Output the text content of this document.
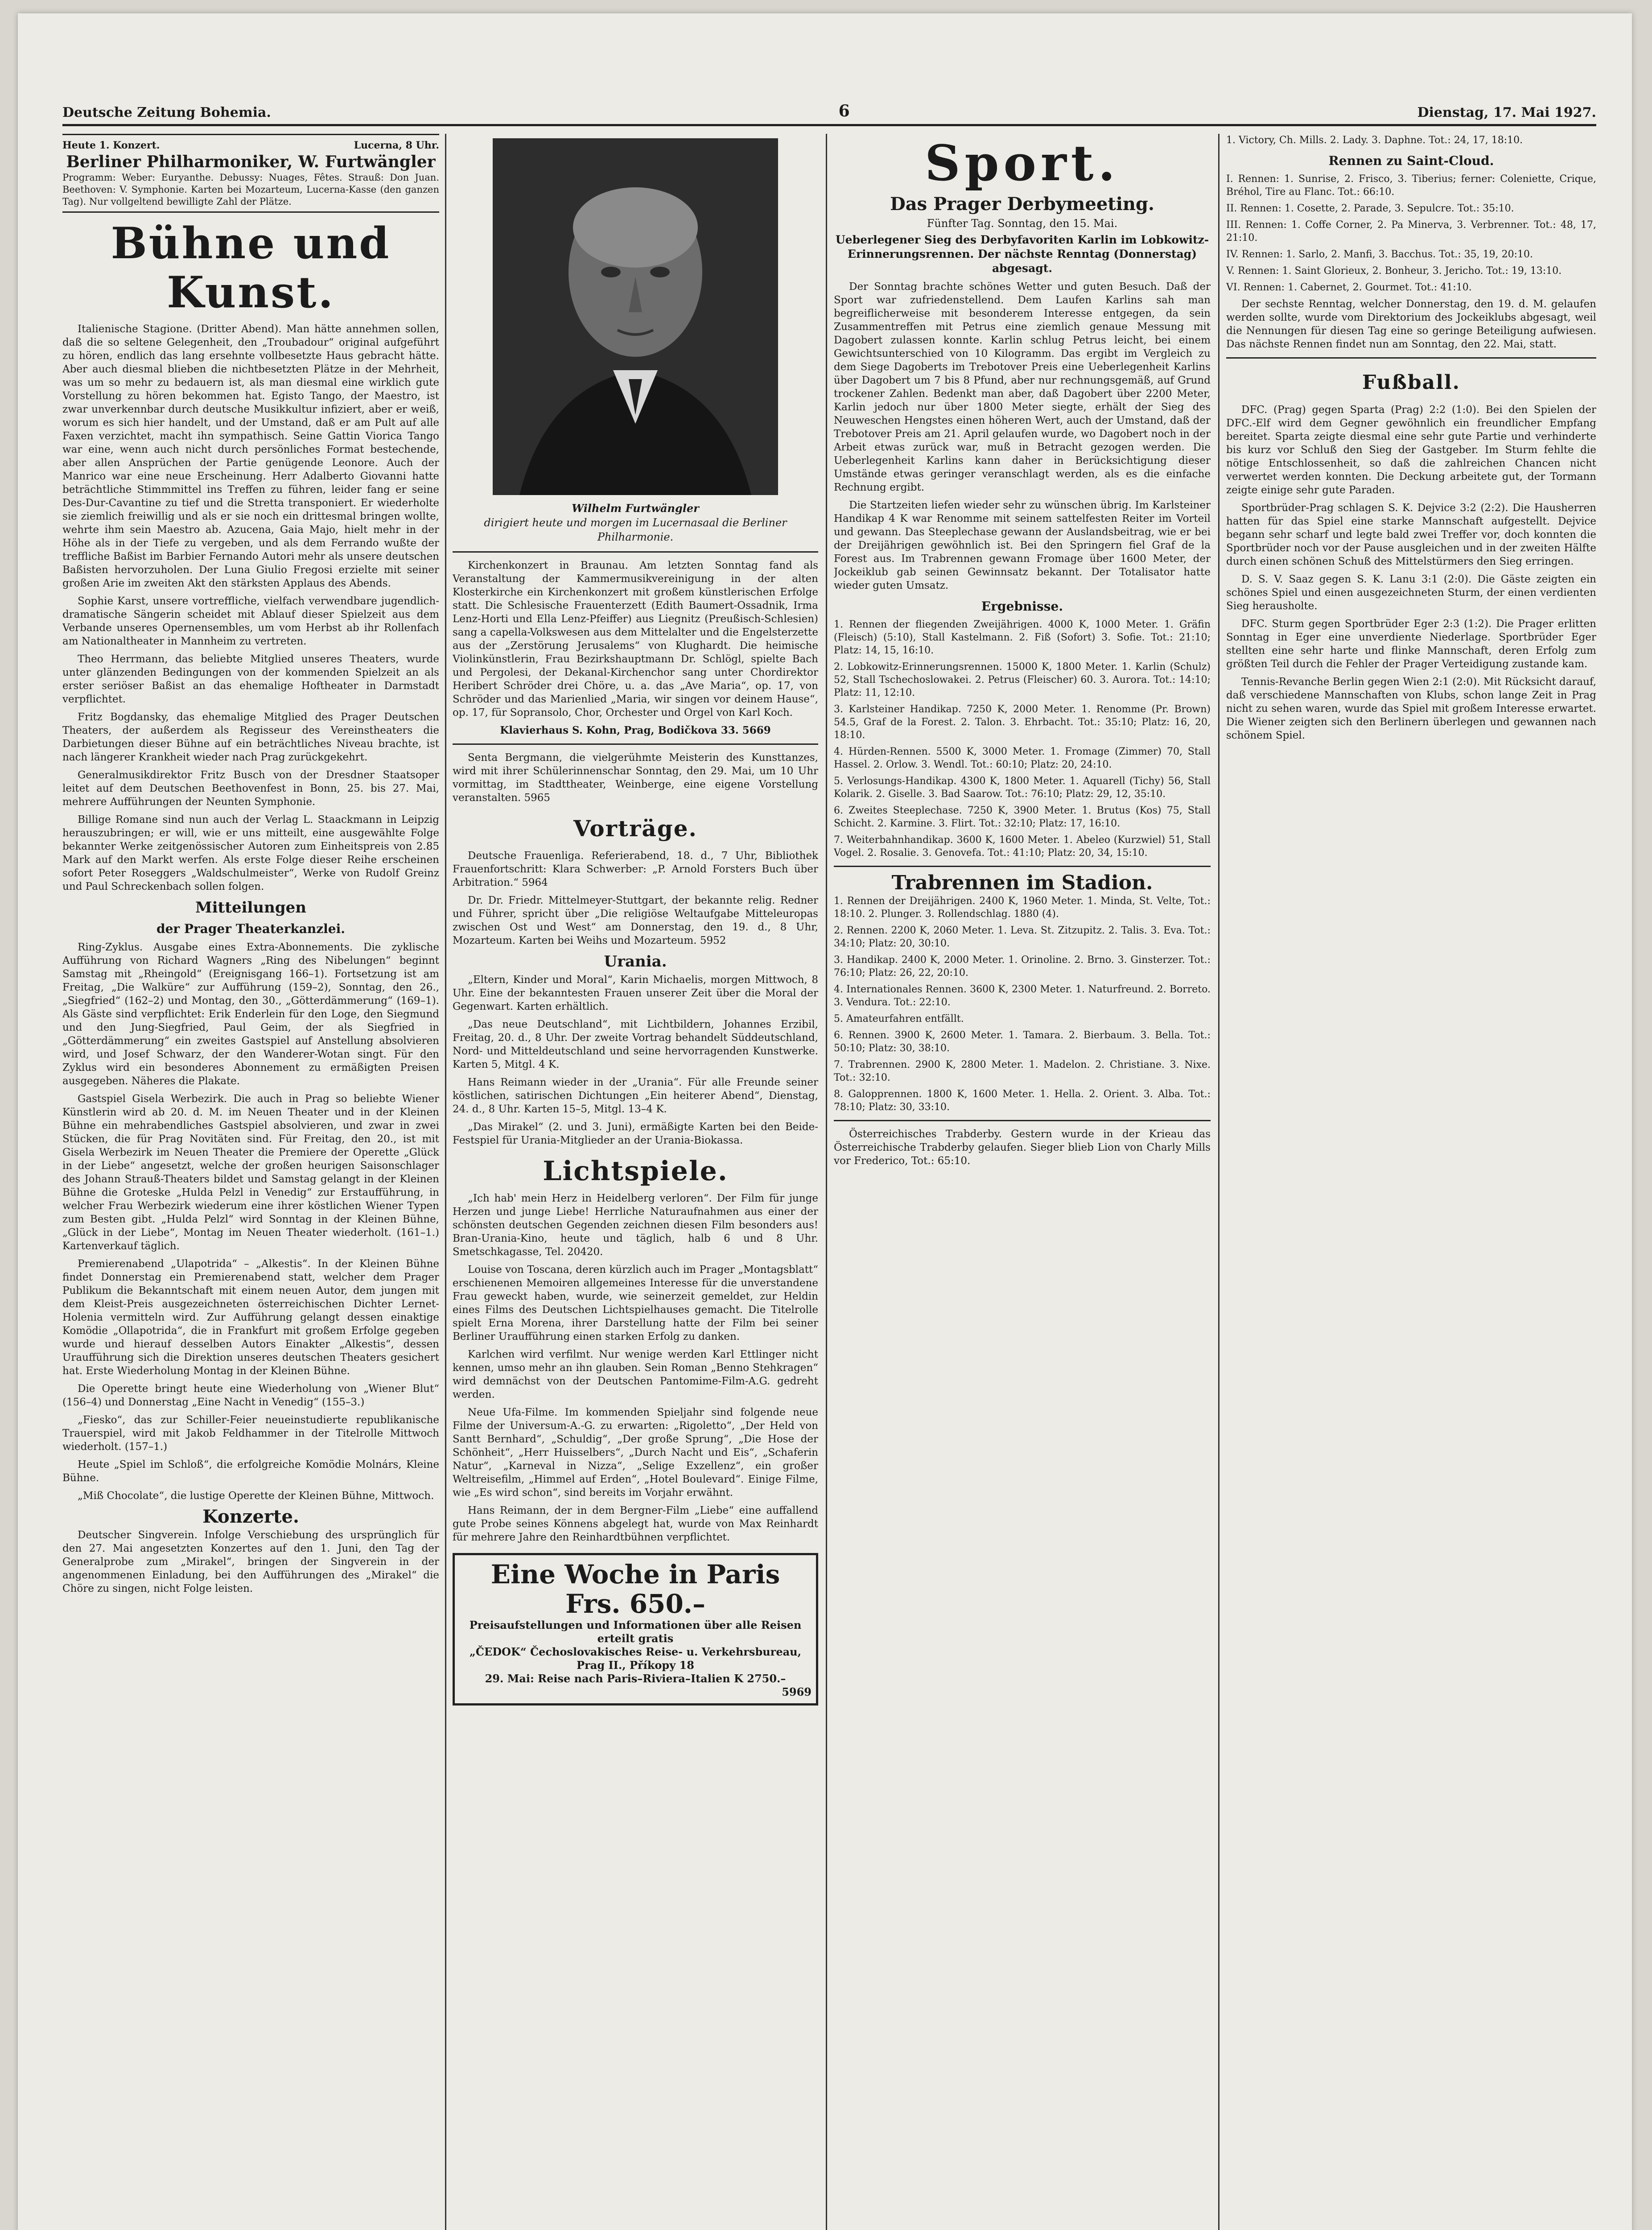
Deutsche Zeitung Bohemia.	6	Dienstag, 17. Mai 1927.
Heute 1. Konzert.	Lucerna, 8 Uhr.
Berliner Philharmoniker, W. Furtwängler
Programm: Weber: Euryanthe. Debussy: Nuages, Fêtes. Strauß: Don Juan. Beethoven: V. Symphonie. Karten bei Mozarteum, Lucerna-Kasse (den ganzen Tag). Nur vollgeltend bewilligte Zahl der Plätze.
Bühne und Kunst.

Italienische Stagione. (Dritter Abend). Man hätte annehmen sollen, daß die so seltene Gelegenheit, den „Troubadour“ original aufgeführt zu hören, endlich das lang ersehnte vollbesetzte Haus gebracht hätte. Aber auch diesmal blieben die nichtbesetzten Plätze in der Mehrheit, was um so mehr zu bedauern ist, als man diesmal eine wirklich gute Vorstellung zu hören bekommen hat. Egisto Tango, der Maestro, ist zwar unverkennbar durch deutsche Musikkultur infiziert, aber er weiß, worum es sich hier handelt, und der Umstand, daß er am Pult auf alle Faxen verzichtet, macht ihn sympathisch. Seine Gattin Viorica Tango war eine, wenn auch nicht durch persönliches Format bestechende, aber allen Ansprüchen der Partie genügende Leonore. Auch der Manrico war eine neue Erscheinung. Herr Adalberto Giovanni hatte beträchtliche Stimmmittel ins Treffen zu führen, leider fang er seine Des-Dur-Cavantine zu tief und die Stretta transponiert. Er wiederholte sie ziemlich freiwillig und als er sie noch ein drittesmal bringen wollte, wehrte ihm sein Maestro ab. Azucena, Gaia Majo, hielt mehr in der Höhe als in der Tiefe zu vergeben, und als dem Ferrando wußte der treffliche Baßist im Barbier Fernando Autori mehr als unsere deutschen Baßisten hervorzuholen. Der Luna Giulio Fregosi erzielte mit seiner großen Arie im zweiten Akt den stärksten Applaus des Abends.

Sophie Karst, unsere vortreffliche, vielfach verwendbare jugendlich-dramatische Sängerin scheidet mit Ablauf dieser Spielzeit aus dem Verbande unseres Opernensembles, um vom Herbst ab ihr Rollenfach am Nationaltheater in Mannheim zu vertreten.

Theo Herrmann, das beliebte Mitglied unseres Theaters, wurde unter glänzenden Bedingungen von der kommenden Spielzeit an als erster seriöser Baßist an das ehemalige Hoftheater in Darmstadt verpflichtet.

Fritz Bogdansky, das ehemalige Mitglied des Prager Deutschen Theaters, der außerdem als Regisseur des Vereinstheaters die Darbietungen dieser Bühne auf ein beträchtliches Niveau brachte, ist nach längerer Krankheit wieder nach Prag zurückgekehrt.

Generalmusikdirektor Fritz Busch von der Dresdner Staatsoper leitet auf dem Deutschen Beethovenfest in Bonn, 25. bis 27. Mai, mehrere Aufführungen der Neunten Symphonie.

Billige Romane sind nun auch der Verlag L. Staackmann in Leipzig herauszubringen; er will, wie er uns mitteilt, eine ausgewählte Folge bekannter Werke zeitgenössischer Autoren zum Einheitspreis von 2.85 Mark auf den Markt werfen. Als erste Folge dieser Reihe erscheinen sofort Peter Roseggers „Waldschulmeister“, Werke von Rudolf Greinz und Paul Schreckenbach sollen folgen.

Mitteilungen
der Prager Theaterkanzlei.

Ring-Zyklus. Ausgabe eines Extra-Abonnements. Die zyklische Aufführung von Richard Wagners „Ring des Nibelungen“ beginnt Samstag mit „Rheingold“ (Ereignisgang 166–1). Fortsetzung ist am Freitag, „Die Walküre“ zur Aufführung (159–2), Sonntag, den 26., „Siegfried“ (162–2) und Montag, den 30., „Götterdämmerung“ (169–1). Als Gäste sind verpflichtet: Erik Enderlein für den Loge, den Siegmund und den Jung-Siegfried, Paul Geim, der als Siegfried in „Götterdämmerung“ ein zweites Gastspiel auf Anstellung absolvieren wird, und Josef Schwarz, der den Wanderer-Wotan singt. Für den Zyklus wird ein besonderes Abonnement zu ermäßigten Preisen ausgegeben. Näheres die Plakate.

Gastspiel Gisela Werbezirk. Die auch in Prag so beliebte Wiener Künstlerin wird ab 20. d. M. im Neuen Theater und in der Kleinen Bühne ein mehrabendliches Gastspiel absolvieren, und zwar in zwei Stücken, die für Prag Novitäten sind. Für Freitag, den 20., ist mit Gisela Werbezirk im Neuen Theater die Premiere der Operette „Glück in der Liebe“ angesetzt, welche der großen heurigen Saisonschlager des Johann Strauß-Theaters bildet und Samstag gelangt in der Kleinen Bühne die Groteske „Hulda Pelzl in Venedig“ zur Erstaufführung, in welcher Frau Werbezirk wiederum eine ihrer köstlichen Wiener Typen zum Besten gibt. „Hulda Pelzl“ wird Sonntag in der Kleinen Bühne, „Glück in der Liebe“, Montag im Neuen Theater wiederholt. (161–1.) Kartenverkauf täglich.

Premierenabend „Ulapotrida“ – „Alkestis“. In der Kleinen Bühne findet Donnerstag ein Premierenabend statt, welcher dem Prager Publikum die Bekanntschaft mit einem neuen Autor, dem jungen mit dem Kleist-Preis ausgezeichneten österreichischen Dichter Lernet-Holenia vermitteln wird. Zur Aufführung gelangt dessen einaktige Komödie „Ollapotrida“, die in Frankfurt mit großem Erfolge gegeben wurde und hierauf desselben Autors Einakter „Alkestis“, dessen Uraufführung sich die Direktion unseres deutschen Theaters gesichert hat. Erste Wiederholung Montag in der Kleinen Bühne.

Die Operette bringt heute eine Wiederholung von „Wiener Blut“ (156–4) und Donnerstag „Eine Nacht in Venedig“ (155–3.)

„Fiesko“, das zur Schiller-Feier neueinstudierte republikanische Trauerspiel, wird mit Jakob Feldhammer in der Titelrolle Mittwoch wiederholt. (157–1.)

Heute „Spiel im Schloß“, die erfolgreiche Komödie Molnárs, Kleine Bühne.

„Miß Chocolate“, die lustige Operette der Kleinen Bühne, Mittwoch.

Konzerte.

Deutscher Singverein. Infolge Verschiebung des ursprünglich für den 27. Mai angesetzten Konzertes auf den 1. Juni, den Tag der Generalprobe zum „Mirakel“, bringen der Singverein in der angenommenen Einladung, bei den Aufführungen des „Mirakel“ die Chöre zu singen, nicht Folge leisten.

Wilhelm Furtwängler
dirigiert heute und morgen im Lucernasaal die Berliner Philharmonie.

Kirchenkonzert in Braunau. Am letzten Sonntag fand als Veranstaltung der Kammermusikvereinigung in der alten Klosterkirche ein Kirchenkonzert mit großem künstlerischen Erfolge statt. Die Schlesische Frauenterzett (Edith Baumert-Ossadnik, Irma Lenz-Horti und Ella Lenz-Pfeiffer) aus Liegnitz (Preußisch-Schlesien) sang a capella-Volkswesen aus dem Mittelalter und die Engelsterzette aus der „Zerstörung Jerusalems“ von Klughardt. Die heimische Violinkünstlerin, Frau Bezirkshauptmann Dr. Schlögl, spielte Bach und Pergolesi, der Dekanal-Kirchenchor sang unter Chordirektor Heribert Schröder drei Chöre, u. a. das „Ave Maria“, op. 17, von Schröder und das Marienlied „Maria, wir singen vor deinem Hause“, op. 17, für Sopransolo, Chor, Orchester und Orgel von Karl Koch.

Klavierhaus S. Kohn, Prag, Bodičkova 33. 5669

Senta Bergmann, die vielgerühmte Meisterin des Kunsttanzes, wird mit ihrer Schülerinnenschar Sonntag, den 29. Mai, um 10 Uhr vormittag, im Stadttheater, Weinberge, eine eigene Vorstellung veranstalten. 5965

Vorträge.

Deutsche Frauenliga. Referierabend, 18. d., 7 Uhr, Bibliothek Frauenfortschritt: Klara Schwerber: „P. Arnold Forsters Buch über Arbitration.“ 5964

Dr. Dr. Friedr. Mittelmeyer-Stuttgart, der bekannte relig. Redner und Führer, spricht über „Die religiöse Weltaufgabe Mitteleuropas zwischen Ost und West“ am Donnerstag, den 19. d., 8 Uhr, Mozarteum. Karten bei Weihs und Mozarteum. 5952

Urania.

„Eltern, Kinder und Moral“, Karin Michaelis, morgen Mittwoch, 8 Uhr. Eine der bekanntesten Frauen unserer Zeit über die Moral der Gegenwart. Karten erhältlich.

„Das neue Deutschland“, mit Lichtbildern, Johannes Erzibil, Freitag, 20. d., 8 Uhr. Der zweite Vortrag behandelt Süddeutschland, Nord- und Mitteldeutschland und seine hervorragenden Kunstwerke. Karten 5, Mitgl. 4 K.

Hans Reimann wieder in der „Urania“. Für alle Freunde seiner köstlichen, satirischen Dichtungen „Ein heiterer Abend“, Dienstag, 24. d., 8 Uhr. Karten 15–5, Mitgl. 13–4 K.

„Das Mirakel“ (2. und 3. Juni), ermäßigte Karten bei den Beide-Festspiel für Urania-Mitglieder an der Urania-Biokassa.

Lichtspiele.

„Ich hab' mein Herz in Heidelberg verloren“. Der Film für junge Herzen und junge Liebe! Herrliche Naturaufnahmen aus einer der schönsten deutschen Gegenden zeichnen diesen Film besonders aus! Bran-Urania-Kino, heute und täglich, halb 6 und 8 Uhr. Smetschkagasse, Tel. 20420.

Louise von Toscana, deren kürzlich auch im Prager „Montagsblatt“ erschienenen Memoiren allgemeines Interesse für die unverstandene Frau geweckt haben, wurde, wie seinerzeit gemeldet, zur Heldin eines Films des Deutschen Lichtspielhauses gemacht. Die Titelrolle spielt Erna Morena, ihrer Darstellung hatte der Film bei seiner Berliner Uraufführung einen starken Erfolg zu danken.

Karlchen wird verfilmt. Nur wenige werden Karl Ettlinger nicht kennen, umso mehr an ihn glauben. Sein Roman „Benno Stehkragen“ wird demnächst von der Deutschen Pantomime-Film-A.G. gedreht werden.

Neue Ufa-Filme. Im kommenden Spieljahr sind folgende neue Filme der Universum-A.-G. zu erwarten: „Rigoletto“, „Der Held von Santt Bernhard“, „Schuldig“, „Der große Sprung“, „Die Hose der Schönheit“, „Herr Huisselbers“, „Durch Nacht und Eis“, „Schaferin Natur“, „Karneval in Nizza“, „Selige Exzellenz“, ein großer Weltreisefilm, „Himmel auf Erden“, „Hotel Boulevard“. Einige Filme, wie „Es wird schon“, sind bereits im Vorjahr erwähnt.

Hans Reimann, der in dem Bergner-Film „Liebe“ eine auffallend gute Probe seines Könnens abgelegt hat, wurde von Max Reinhardt für mehrere Jahre den Reinhardtbühnen verpflichtet.

Eine Woche in Paris Frs. 650.–
Preisaufstellungen und Informationen über alle Reisen erteilt gratis
„ČEDOK“ Čechoslovakisches Reise- u. Verkehrsbureau, Prag II., Příkopy 18
29. Mai: Reise nach Paris–Riviera–Italien K 2750.–
5969
Sport.
Das Prager Derbymeeting.
Fünfter Tag. Sonntag, den 15. Mai.
Ueberlegener Sieg des Derbyfavoriten Karlin im Lobkowitz-Erinnerungsrennen. Der nächste Renntag (Donnerstag) abgesagt.

Der Sonntag brachte schönes Wetter und guten Besuch. Daß der Sport war zufriedenstellend. Dem Laufen Karlins sah man begreiflicherweise mit besonderem Interesse entgegen, da sein Zusammentreffen mit Petrus eine ziemlich genaue Messung mit Dagobert zulassen konnte. Karlin schlug Petrus leicht, bei einem Gewichtsunterschied von 10 Kilogramm. Das ergibt im Vergleich zu dem Siege Dagoberts im Trebotover Preis eine Ueberlegenheit Karlins über Dagobert um 7 bis 8 Pfund, aber nur rechnungsgemäß, auf Grund trockener Zahlen. Bedenkt man aber, daß Dagobert über 2200 Meter, Karlin jedoch nur über 1800 Meter siegte, erhält der Sieg des Neuweschen Hengstes einen höheren Wert, auch der Umstand, daß der Trebotover Preis am 21. April gelaufen wurde, wo Dagobert noch in der Arbeit etwas zurück war, muß in Betracht gezogen werden. Die Ueberlegenheit Karlins kann daher in Berücksichtigung dieser Umstände etwas geringer veranschlagt werden, als es die einfache Rechnung ergibt.

Die Startzeiten liefen wieder sehr zu wünschen übrig. Im Karlsteiner Handikap 4 K war Renomme mit seinem sattelfesten Reiter im Vorteil und gewann. Das Steeplechase gewann der Auslandsbeitrag, wie er bei der Dreijährigen gewöhnlich ist. Bei den Springern fiel Graf de la Forest aus. Im Trabrennen gewann Fromage über 1600 Meter, der Jockeiklub gab seinen Gewinnsatz bekannt. Der Totalisator hatte wieder guten Umsatz.

Ergebnisse.
1. Rennen der fliegenden Zweijährigen. 4000 K, 1000 Meter. 1. Gräfin (Fleisch) (5:10), Stall Kastelmann. 2. Fiß (Sofort) 3. Sofie. Tot.: 21:10; Platz: 14, 15, 16:10.
2. Lobkowitz-Erinnerungsrennen. 15000 K, 1800 Meter. 1. Karlin (Schulz) 52, Stall Tschechoslowakei. 2. Petrus (Fleischer) 60. 3. Aurora. Tot.: 14:10; Platz: 11, 12:10.
3. Karlsteiner Handikap. 7250 K, 2000 Meter. 1. Renomme (Pr. Brown) 54.5, Graf de la Forest. 2. Talon. 3. Ehrbacht. Tot.: 35:10; Platz: 16, 20, 18:10.
4. Hürden-Rennen. 5500 K, 3000 Meter. 1. Fromage (Zimmer) 70, Stall Hassel. 2. Orlow. 3. Wendl. Tot.: 60:10; Platz: 20, 24:10.
5. Verlosungs-Handikap. 4300 K, 1800 Meter. 1. Aquarell (Tichy) 56, Stall Kolarik. 2. Giselle. 3. Bad Saarow. Tot.: 76:10; Platz: 29, 12, 35:10.
6. Zweites Steeplechase. 7250 K, 3900 Meter. 1. Brutus (Kos) 75, Stall Schicht. 2. Karmine. 3. Flirt. Tot.: 32:10; Platz: 17, 16:10.
7. Weiterbahnhandikap. 3600 K, 1600 Meter. 1. Abeleo (Kurzwiel) 51, Stall Vogel. 2. Rosalie. 3. Genovefa. Tot.: 41:10; Platz: 20, 34, 15:10.
Trabrennen im Stadion.
1. Rennen der Dreijährigen. 2400 K, 1960 Meter. 1. Minda, St. Velte, Tot.: 18:10. 2. Plunger. 3. Rollendschlag. 1880 (4).
2. Rennen. 2200 K, 2060 Meter. 1. Leva. St. Zitzupitz. 2. Talis. 3. Eva. Tot.: 34:10; Platz: 20, 30:10.
3. Handikap. 2400 K, 2000 Meter. 1. Orinoline. 2. Brno. 3. Ginsterzer. Tot.: 76:10; Platz: 26, 22, 20:10.
4. Internationales Rennen. 3600 K, 2300 Meter. 1. Naturfreund. 2. Borreto. 3. Vendura. Tot.: 22:10.
5. Amateurfahren entfällt.
6. Rennen. 3900 K, 2600 Meter. 1. Tamara. 2. Bierbaum. 3. Bella. Tot.: 50:10; Platz: 30, 38:10.
7. Trabrennen. 2900 K, 2800 Meter. 1. Madelon. 2. Christiane. 3. Nixe. Tot.: 32:10.
8. Galopprennen. 1800 K, 1600 Meter. 1. Hella. 2. Orient. 3. Alba. Tot.: 78:10; Platz: 30, 33:10.

Österreichisches Trabderby. Gestern wurde in der Krieau das Österreichische Trabderby gelaufen. Sieger blieb Lion von Charly Mills vor Frederico, Tot.: 65:10.

1. Victory, Ch. Mills. 2. Lady. 3. Daphne. Tot.: 24, 17, 18:10.
Rennen zu Saint-Cloud.
I. Rennen: 1. Sunrise, 2. Frisco, 3. Tiberius; ferner: Coleniette, Crique, Bréhol, Tire au Flanc. Tot.: 66:10.
II. Rennen: 1. Cosette, 2. Parade, 3. Sepulcre. Tot.: 35:10.
III. Rennen: 1. Coffe Corner, 2. Pa Minerva, 3. Verbrenner. Tot.: 48, 17, 21:10.
IV. Rennen: 1. Sarlo, 2. Manfi, 3. Bacchus. Tot.: 35, 19, 20:10.
V. Rennen: 1. Saint Glorieux, 2. Bonheur, 3. Jericho. Tot.: 19, 13:10.
VI. Rennen: 1. Cabernet, 2. Gourmet. Tot.: 41:10.

Der sechste Renntag, welcher Donnerstag, den 19. d. M. gelaufen werden sollte, wurde vom Direktorium des Jockeiklubs abgesagt, weil die Nennungen für diesen Tag eine so geringe Beteiligung aufwiesen. Das nächste Rennen findet nun am Sonntag, den 22. Mai, statt.

Fußball.

DFC. (Prag) gegen Sparta (Prag) 2:2 (1:0). Bei den Spielen der DFC.-Elf wird dem Gegner gewöhnlich ein freundlicher Empfang bereitet. Sparta zeigte diesmal eine sehr gute Partie und verhinderte bis kurz vor Schluß den Sieg der Gastgeber. Im Sturm fehlte die nötige Entschlossenheit, so daß die zahlreichen Chancen nicht verwertet werden konnten. Die Deckung arbeitete gut, der Tormann zeigte einige sehr gute Paraden.

Sportbrüder-Prag schlagen S. K. Dejvice 3:2 (2:2). Die Hausherren hatten für das Spiel eine starke Mannschaft aufgestellt. Dejvice begann sehr scharf und legte bald zwei Treffer vor, doch konnten die Sportbrüder noch vor der Pause ausgleichen und in der zweiten Hälfte durch einen schönen Schuß des Mittelstürmers den Sieg erringen.

D. S. V. Saaz gegen S. K. Lanu 3:1 (2:0). Die Gäste zeigten ein schönes Spiel und einen ausgezeichneten Sturm, der einen verdienten Sieg herausholte.

DFC. Sturm gegen Sportbrüder Eger 2:3 (1:2). Die Prager erlitten Sonntag in Eger eine unverdiente Niederlage. Sportbrüder Eger stellten eine sehr harte und flinke Mannschaft, deren Erfolg zum größten Teil durch die Fehler der Prager Verteidigung zustande kam.

Tennis-Revanche Berlin gegen Wien 2:1 (2:0). Mit Rücksicht darauf, daß verschiedene Mannschaften von Klubs, schon lange Zeit in Prag nicht zu sehen waren, wurde das Spiel mit großem Interesse erwartet. Die Wiener zeigten sich den Berlinern überlegen und gewannen nach schönem Spiel.
